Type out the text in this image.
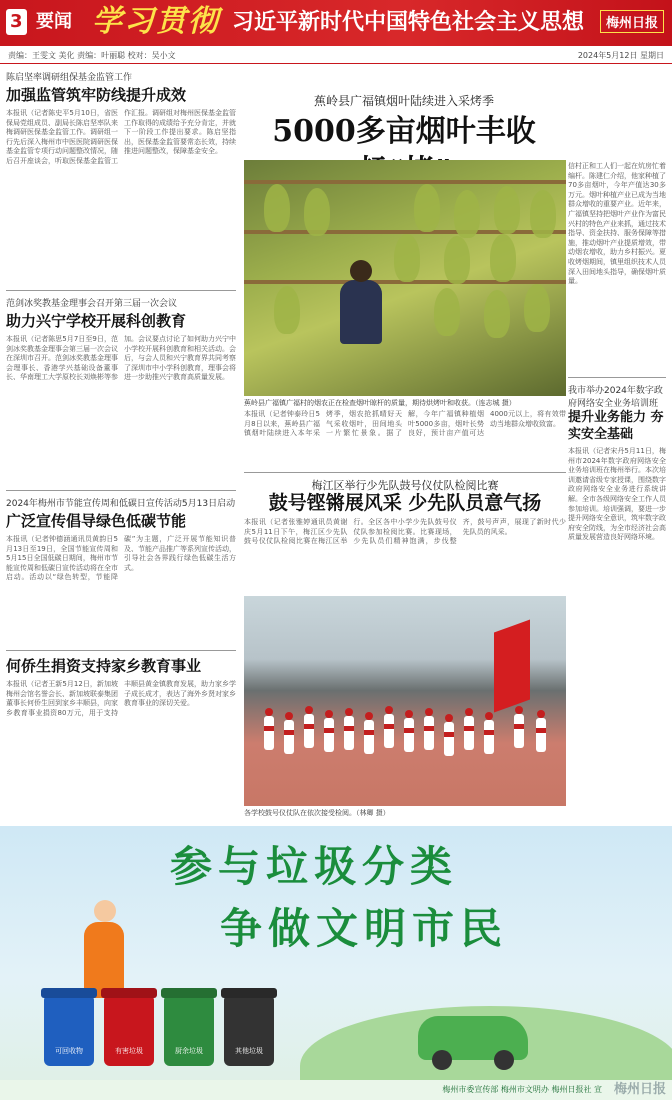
3 要闻 学习贯彻 习近平新时代中国特色社会主义思想	梅州日报
责编：王雯文 美化 责编：叶丽聪 校对：吴小文	2024年5月12日 星期日
陈启坚率调研组保基金监管工作
加强监管筑牢防线提升成效
本报讯（记者陈史平5月10日，省医保局党组成员、副局长陈启坚率队来梅调研医保基金监管工作。调研组一行先后深入梅州市中医医院调研医保基金监管专项行动问题整改情况，随后召开座谈会，听取医保基金监管工作汇报。调研组对梅州医保基金监管工作取得的成绩给予充分肯定，并就下一阶段工作提出要求。陈启坚指出，医保基金监管要常态长效，持续推进问题整改，保障基金安全。
范剑冰奖教基金理事会召开第三届一次会议
助力兴宁学校开展科创教育
本报讯（记者陈思5月7日至9日，范剑冰奖教基金理事会第三届一次会议在深圳市召开。范剑冰奖教基金理事会理事长、香港学兴基础设备董事长、华南理工大学原校长刘焕彬等参加。会议要点讨论了如何助力兴宁中小学校开展科创教育和相关活动。会后，与会人员和兴宁教育界共同考察了深圳市中小学科创教育，理事会将进一步助推兴宁教育高质量发展。
2024年梅州市节能宣传周和低碳日宣传活动5月13日启动
广泛宣传倡导绿色低碳节能
本报讯（记者钟德涵通讯员黄韵日5月13日至19日，全国节能宣传周和5月15日全国低碳日期间，梅州市节能宣传周和低碳日宣传活动将在全市启动。活动以“绿色转型，节能降碳”为主题，广泛开展节能知识普及、节能产品推广等系列宣传活动，引导社会各界践行绿色低碳生活方式。
何侨生捐资支持家乡教育事业
本报讯（记者王新5月12日，新加坡梅州会馆名誉会长、新加坡联泰集团董事长何侨生回到家乡丰顺县，向家乡教育事业捐资80万元，用于支持丰顺县黄金镇教育发展，助力家乡学子成长成才，表达了海外乡贤对家乡教育事业的深切关爱。
蕉岭县广福镇烟叶陆续进入采烤季
5000多亩烟叶丰收
蕉岭县广福镇广福村的烟农正在检查烟叶晾杆的质量，期待烘烤叶和收获。（连志城 摄）
本报讯（记者钟泰玲日5月8日以来，蕉岭县广福镇烟叶陆续进入本年采烤季，烟农抢抓晴好天气采收烟叶，田间地头一片繁忙景象。据了解，今年广福镇种植烟叶5000多亩，烟叶长势良好，预计亩产值可达4000元以上，将有效带动当地群众增收致富。
信村正和工人们一起在炕房忙着编杆。陈建仁介绍，他家种植了70多亩烟叶，今年产值达30多万元。烟叶种植产业已成为当地群众增收的重要产业。近年来，广福镇坚持把烟叶产业作为富民兴村的特色产业来抓，通过技术指导、资金扶持、服务保障等措施，推动烟叶产业提质增效，带动烟农增收，助力乡村振兴。夏收烤烟期间，镇里组织技术人员深入田间地头指导，确保烟叶质量。
我市举办2024年数字政府网络安全业务培训班
提升业务能力 夯实安全基础
本报讯（记者宋丹5月11日，梅州市2024年数字政府网络安全业务培训班在梅州举行。本次培训邀请省级专家授课，围绕数字政府网络安全业务进行系统讲解。全市各级网络安全工作人员参加培训。培训强调，要进一步提升网络安全意识，筑牢数字政府安全防线，为全市经济社会高质量发展营造良好网络环境。
梅江区举行少先队鼓号仪仗队检阅比赛
鼓号铿锵展风采 少先队员意气扬
本报讯（记者张雅婷通讯员黄谢庆5月11日下午，梅江区少先队鼓号仪仗队检阅比赛在梅江区举行。全区各中小学少先队鼓号仪仗队参加检阅比赛。比赛现场，少先队员们精神饱满，步伐整齐，鼓号声声，展现了新时代少先队员的风采。
各学校鼓号仪仗队在依次接受检阅。（林卿 摄）
参与垃圾分类
争做文明市民
可回收物	有害垃圾	厨余垃圾	其他垃圾
梅州市委宣传部 梅州市文明办 梅州日报社 宣 梅州日报
